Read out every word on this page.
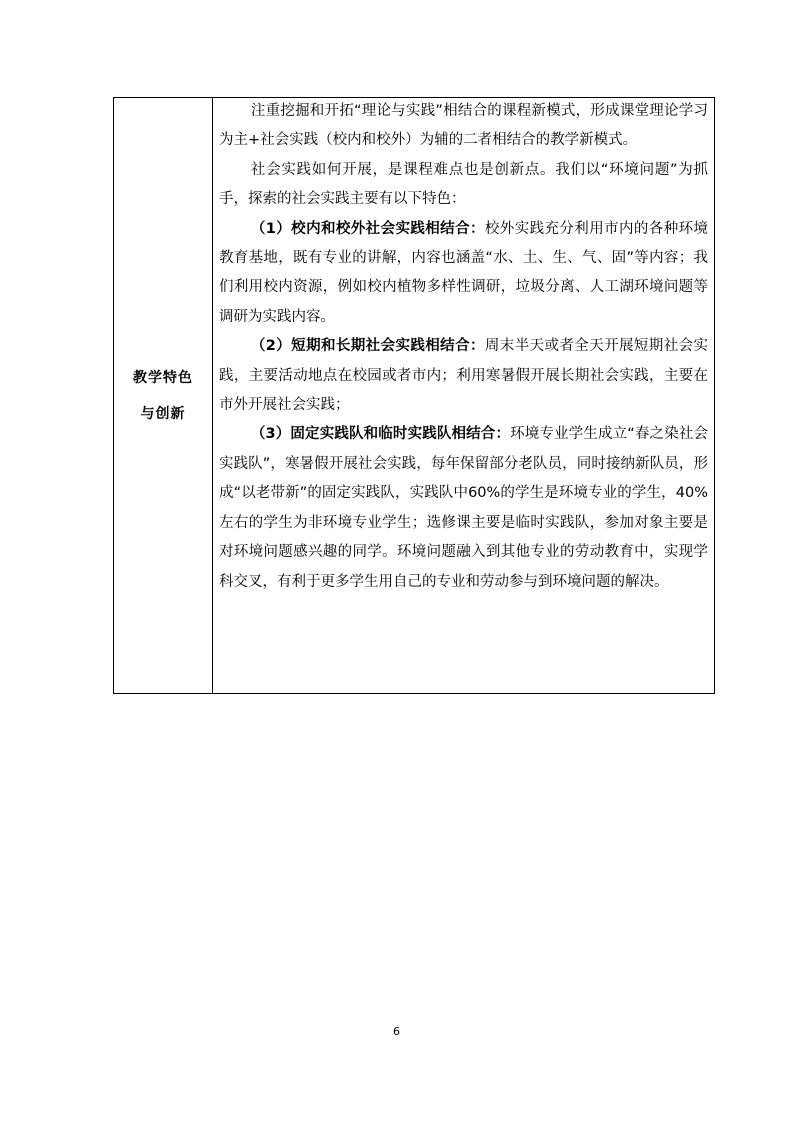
教学特色
与创新

注重挖掘和开拓“理论与实践”相结合的课程新模式，形成课堂理论学习为主+社会实践（校内和校外）为辅的二者相结合的教学新模式。

社会实践如何开展，是课程难点也是创新点。我们以“环境问题”为抓手，探索的社会实践主要有以下特色：

（1）校内和校外社会实践相结合：校外实践充分利用市内的各种环境教育基地，既有专业的讲解，内容也涵盖“水、土、生、气、固”等内容；我们利用校内资源，例如校内植物多样性调研，垃圾分离、人工湖环境问题等调研为实践内容。

（2）短期和长期社会实践相结合：周末半天或者全天开展短期社会实践，主要活动地点在校园或者市内；利用寒暑假开展长期社会实践，主要在市外开展社会实践；

（3）固定实践队和临时实践队相结合：环境专业学生成立“春之染社会实践队”，寒暑假开展社会实践，每年保留部分老队员，同时接纳新队员，形成“以老带新”的固定实践队，实践队中60%的学生是环境专业的学生，40%左右的学生为非环境专业学生；选修课主要是临时实践队，参加对象主要是对环境问题感兴趣的同学。环境问题融入到其他专业的劳动教育中，实现学科交叉，有利于更多学生用自己的专业和劳动参与到环境问题的解决。

6
